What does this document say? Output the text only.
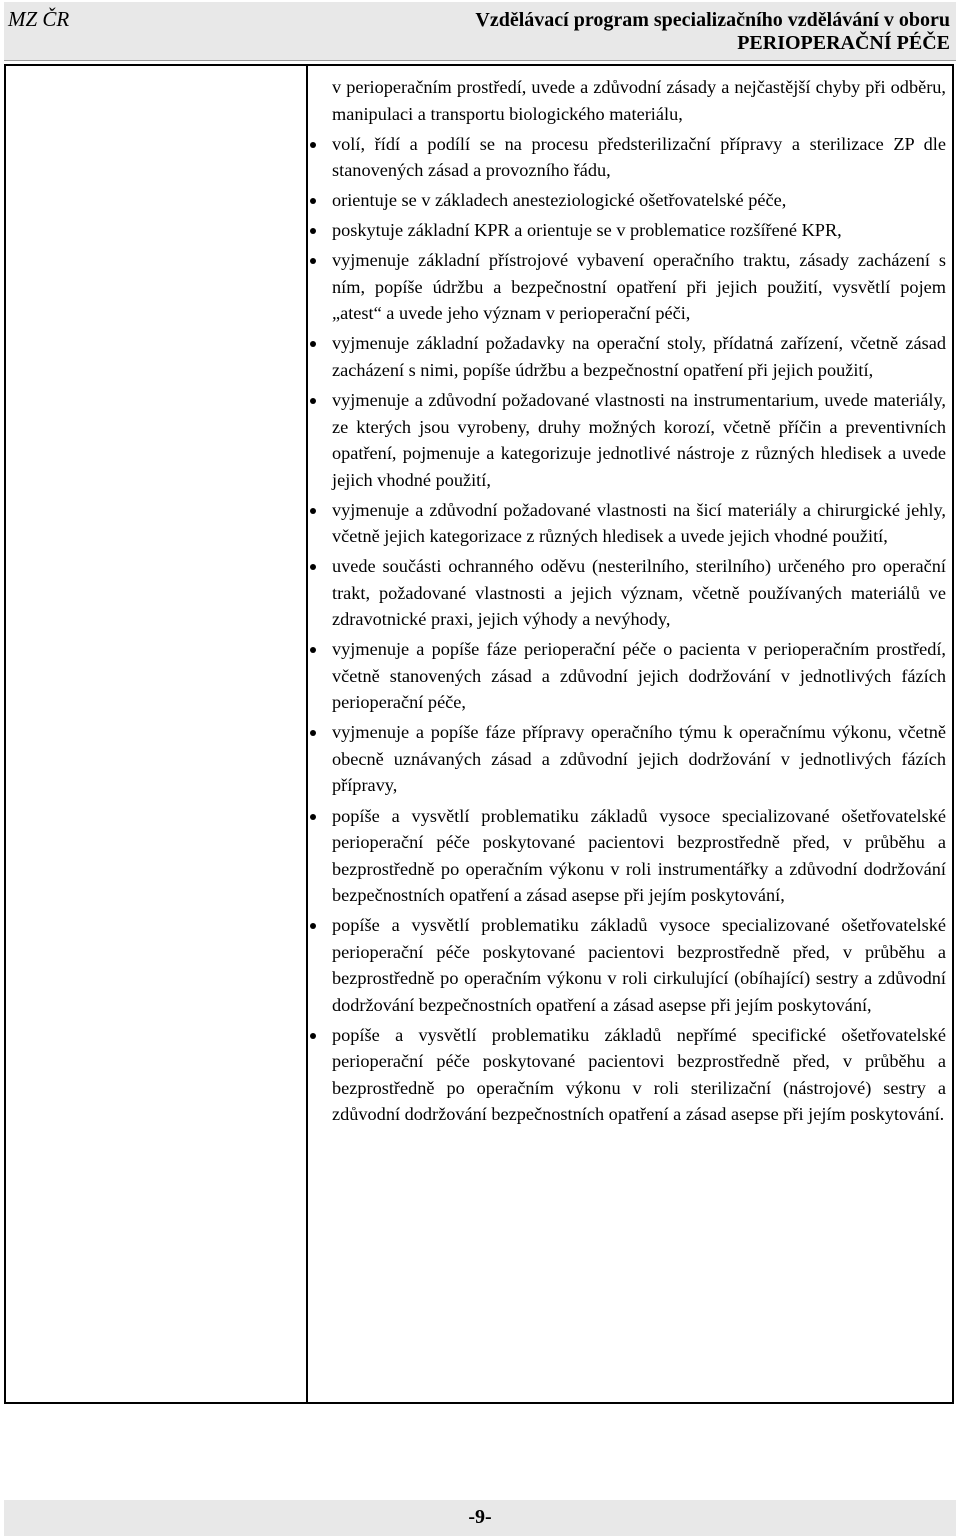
MZ ČR	Vzdělávací program specializačního vzdělávání v oboru
PERIOPERAČNÍ PÉČE

v perioperačním prostředí, uvede a zdůvodní zásady a nejčastější chyby při odběru, manipulaci a transportu biologického materiálu,

volí, řídí a podílí se na procesu předsterilizační přípravy a sterilizace ZP dle stanovených zásad a provozního řádu,
orientuje se v základech anesteziologické ošetřovatelské péče,
poskytuje základní KPR a orientuje se v problematice rozšířené KPR,
vyjmenuje základní přístrojové vybavení operačního traktu, zásady zacházení s ním, popíše údržbu a bezpečnostní opatření při jejich použití, vysvětlí pojem „atest“ a uvede jeho význam v perioperační péči,
vyjmenuje základní požadavky na operační stoly, přídatná zařízení, včetně zásad zacházení s nimi, popíše údržbu a bezpečnostní opatření při jejich použití,
vyjmenuje a zdůvodní požadované vlastnosti na instrumentarium, uvede materiály, ze kterých jsou vyrobeny, druhy možných korozí, včetně příčin a preventivních opatření, pojmenuje a kategorizuje jednotlivé nástroje z různých hledisek a uvede jejich vhodné použití,
vyjmenuje a zdůvodní požadované vlastnosti na šicí materiály a chirurgické jehly, včetně jejich kategorizace z různých hledisek a uvede jejich vhodné použití,
uvede součásti ochranného oděvu (nesterilního, sterilního) určeného pro operační trakt, požadované vlastnosti a jejich význam, včetně používaných materiálů ve zdravotnické praxi, jejich výhody a nevýhody,
vyjmenuje a popíše fáze perioperační péče o pacienta v perioperačním prostředí, včetně stanovených zásad a zdůvodní jejich dodržování v jednotlivých fázích perioperační péče,
vyjmenuje a popíše fáze přípravy operačního týmu k operačnímu výkonu, včetně obecně uznávaných zásad a zdůvodní jejich dodržování v jednotlivých fázích přípravy,
popíše a vysvětlí problematiku základů vysoce specializované ošetřovatelské perioperační péče poskytované pacientovi bezprostředně před, v průběhu a bezprostředně po operačním výkonu v roli instrumentářky a zdůvodní dodržování bezpečnostních opatření a zásad asepse při jejím poskytování,
popíše a vysvětlí problematiku základů vysoce specializované ošetřovatelské perioperační péče poskytované pacientovi bezprostředně před, v průběhu a bezprostředně po operačním výkonu v roli cirkulující (obíhající) sestry a zdůvodní dodržování bezpečnostních opatření a zásad asepse při jejím poskytování,
popíše a vysvětlí problematiku základů nepřímé specifické ošetřovatelské perioperační péče poskytované pacientovi bezprostředně před, v průběhu a bezprostředně po operačním výkonu v roli sterilizační (nástrojové) sestry a zdůvodní dodržování bezpečnostních opatření a zásad asepse při jejím poskytování.
-9-
